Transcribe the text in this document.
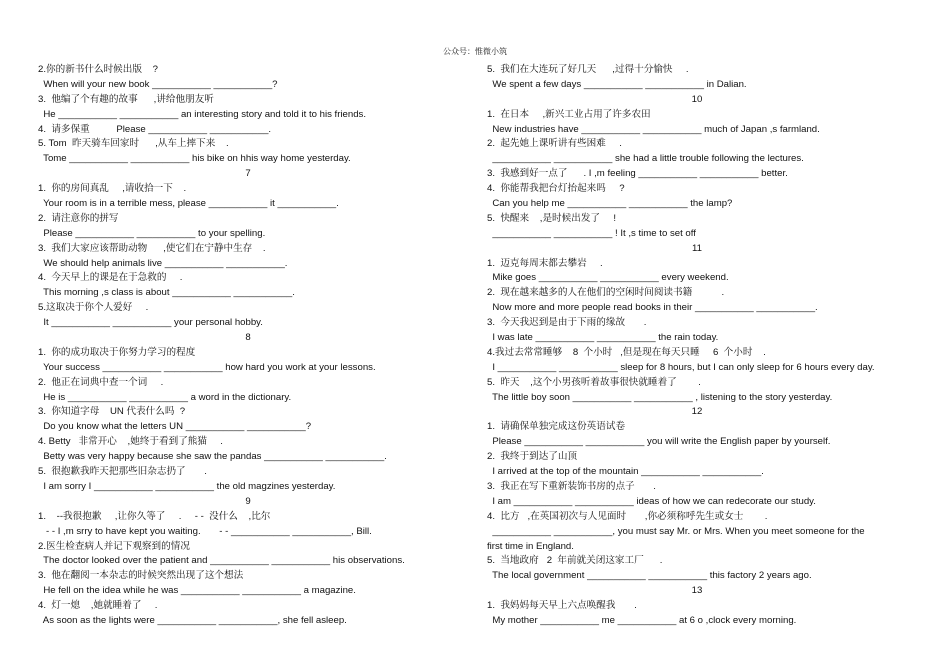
公众号：惟微小筑
2.你的新书什么时候出版    ?
When will your new book ___________ ___________?
3.  他编了个有趣的故事      ,讲给他朋友听
He ___________ ___________ an interesting story and told it to his friends.
4.  请多保重          Please ___________ ___________.
5. Tom  昨天骑车回家时      ,从车上摔下来    .
Tome ___________ ___________ his bike on hhis way home yesterday.
7
1.  你的房间真乱     ,请收拾一下    .
Your room is in a terrible mess, please ___________ it ___________.
2.  请注意你的拼写
Please ___________ ___________ to your spelling.
3.  我们大家应该帮助动物      ,使它们在宁静中生存    .
We should help animals live ___________ ___________.
4.  今天早上的课是在于急救的     .
This morning ,s class is about ___________ ___________.
5.这取决于你个人爱好     .
It ___________ ___________ your personal hobby.
8
1.  你的成功取决于你努力学习的程度
Your success ___________ ___________ how hard you work at your lessons.
2.  他正在词典中查一个词     .
He is ___________ ___________ a word in the dictionary.
3.  你知道字母    UN 代表什么吗  ?
Do you know what the letters UN ___________ ___________?
4. Betty   非常开心    ,她终于看到了熊猫     .
Betty was very happy because she saw the pandas ___________ ___________.
5.  很抱歉我昨天把那些旧杂志扔了       .
I am sorry I ___________ ___________ the old magzines yesterday.
9
1.    --我很抱歉     ,让你久等了     .     - -  没什么    ,比尔
- - I ,m srry to have kept you waiting.       - - ___________ ___________, Bill.
2.医生检查病人并记下观察到的情况
The doctor looked over the patient and ___________ ___________ his observations.
3.  他在翻阅一本杂志的时候突然出现了这个想法
He fell on the idea while he was ___________ ___________ a magazine.
4.  灯一熄    ,她就睡着了     .
As soon as the lights were ___________ ___________, she fell asleep.
5.  我们在大连玩了好几天      ,过得十分愉快     .
We spent a few days ___________ ___________ in Dalian.
10
1.  在日本     ,新兴工业占用了许多农田
New industries have ___________ ___________ much of Japan ,s farmland.
2.  起先她上课听讲有些困难     .
___________ ___________ she had a little trouble following the lectures.
3.  我感到好一点了      . I ,m feeling ___________ ___________ better.
4.  你能帮我把台灯抬起来吗     ?
Can you help me ___________ ___________ the lamp?
5.  快醒来    ,是时候出发了     !
___________ ___________ ! It ,s time to set off
11
1.  迈克每周末都去攀岩     .
Mike goes ___________ ___________ every weekend.
2.  现在越来越多的人在他们的空闲时间阅读书籍           .
Now more and more people read books in their ___________ ___________.
3.  今天我迟到是由于下雨的缘故       .
I was late ___________ ___________ the rain today.
4.我过去常常睡够    8  个小时   ,但是现在每天只睡     6  个小时    .
I ___________ ___________ sleep for 8 hours, but I can only sleep for 6 hours every day.
5.  昨天    ,这个小男孩听着故事很快就睡着了        .
The little boy soon ___________ ___________ , listening to the story yesterday.
12
1.  请确保单独完成这份英语试卷
Please ___________ ___________ you will write the English paper by yourself.
2.  我终于到达了山顶
I arrived at the top of the mountain ___________ ___________.
3.  我正在写下重新装饰书房的点子       .
I am ___________ ___________ ideas of how we can redecorate our study.
4.  比方   ,在英国初次与人见面时       ,你必须称呼先生或女士        .
___________ ___________, you must say Mr. or Mrs. When you meet someone for the
first time in England.
5.  当地政府   2  年前就关闭这家工厂      .
The local government ___________ ___________ this factory 2 years ago.
13
1.  我妈妈每天早上六点唤醒我       .
My mother ___________ me ___________ at 6 o ,clock every morning.
